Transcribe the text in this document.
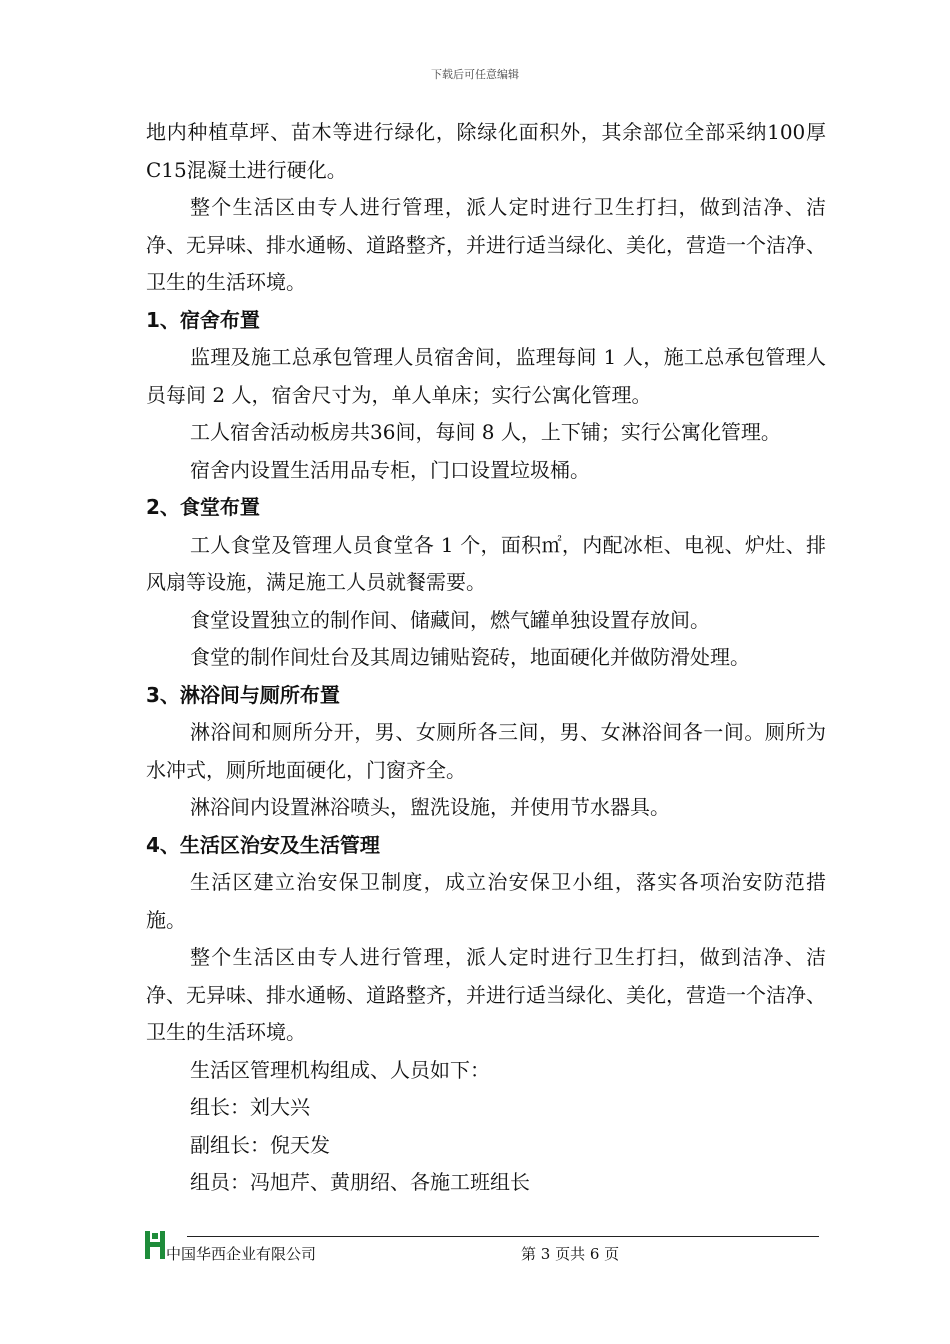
下载后可任意编辑

地内种植草坪、苗木等进行绿化，除绿化面积外，其余部位全部采纳100厚C15混凝土进行硬化。

整个生活区由专人进行管理，派人定时进行卫生打扫，做到洁净、洁净、无异味、排水通畅、道路整齐，并进行适当绿化、美化，营造一个洁净、卫生的生活环境。

1、宿舍布置

监理及施工总承包管理人员宿舍间，监理每间 1 人，施工总承包管理人员每间 2 人，宿舍尺寸为，单人单床；实行公寓化管理。

工人宿舍活动板房共36间，每间 8 人，上下铺；实行公寓化管理。

宿舍内设置生活用品专柜，门口设置垃圾桶。

2、食堂布置

工人食堂及管理人员食堂各 1 个，面积㎡，内配冰柜、电视、炉灶、排风扇等设施，满足施工人员就餐需要。

食堂设置独立的制作间、储藏间，燃气罐单独设置存放间。

食堂的制作间灶台及其周边铺贴瓷砖，地面硬化并做防滑处理。

3、淋浴间与厕所布置

淋浴间和厕所分开，男、女厕所各三间，男、女淋浴间各一间。厕所为水冲式，厕所地面硬化，门窗齐全。

淋浴间内设置淋浴喷头，盥洗设施，并使用节水器具。

4、生活区治安及生活管理

生活区建立治安保卫制度，成立治安保卫小组，落实各项治安防范措施。

整个生活区由专人进行管理，派人定时进行卫生打扫，做到洁净、洁净、无异味、排水通畅、道路整齐，并进行适当绿化、美化，营造一个洁净、卫生的生活环境。

生活区管理机构组成、人员如下：

组长：刘大兴

副组长：倪天发

组员：冯旭芹、黄朋绍、各施工班组长

中国华西企业有限公司	第 3 页共 6 页
